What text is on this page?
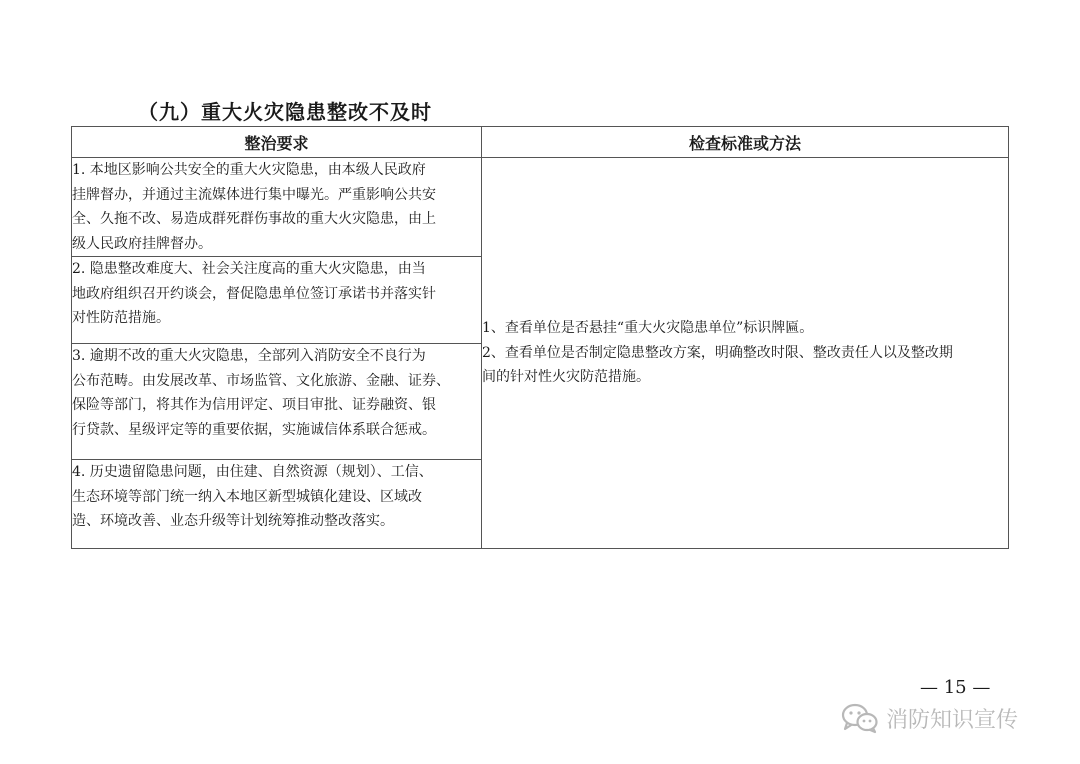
（九）重大火灾隐患整改不及时
整治要求	检查标准或方法
1. 本地区影响公共安全的重大火灾隐患，由本级人民政府
挂牌督办，并通过主流媒体进行集中曝光。严重影响公共安
全、久拖不改、易造成群死群伤事故的重大火灾隐患，由上
级人民政府挂牌督办。	1、查看单位是否悬挂“重大火灾隐患单位”标识牌匾。
2、查看单位是否制定隐患整改方案，明确整改时限、整改责任人以及整改期
间的针对性火灾防范措施。

2. 隐患整改难度大、社会关注度高的重大火灾隐患，由当
地政府组织召开约谈会，督促隐患单位签订承诺书并落实针
对性防范措施。	
3. 逾期不改的重大火灾隐患，全部列入消防安全不良行为
公布范畴。由发展改革、市场监管、文化旅游、金融、证券、
保险等部门，将其作为信用评定、项目审批、证券融资、银
行贷款、星级评定等的重要依据，实施诚信体系联合惩戒。	
4. 历史遗留隐患问题，由住建、自然资源（规划）、工信、
生态环境等部门统一纳入本地区新型城镇化建设、区域改
造、环境改善、业态升级等计划统筹推动整改落实。	
— 15 —
消防知识宣传
